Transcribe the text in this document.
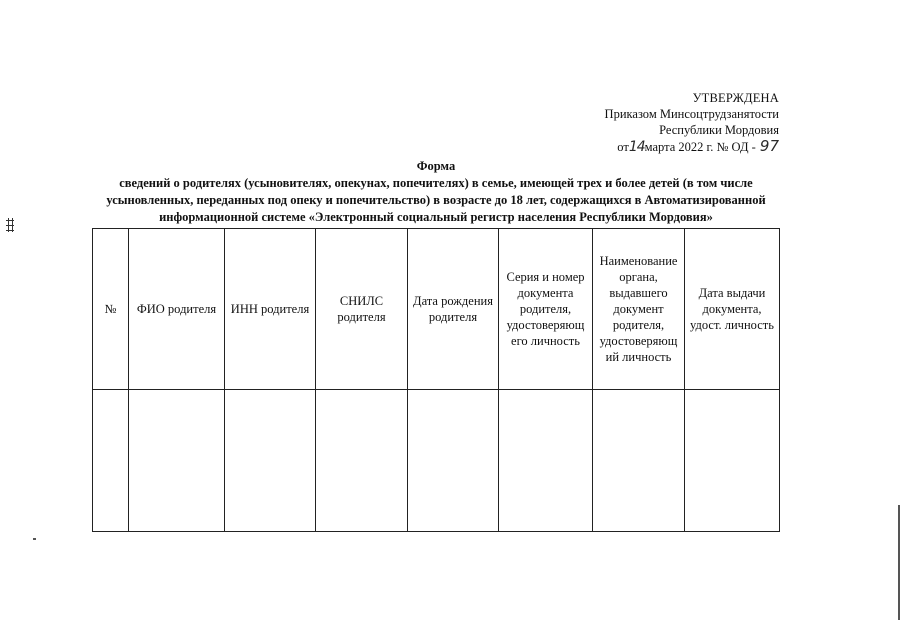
УТВЕРЖДЕНА
Приказом Минсоцтрудзанятости
Республики Мордовия
от14марта 2022 г. № ОД - 97
Форма
сведений о родителях (усыновителях, опекунах, попечителях) в семье, имеющей трех и более детей (в том числе
усыновленных, переданных под опеку и попечительство) в возрасте до 18 лет, содержащихся в Автоматизированной
информационной системе «Электронный социальный регистр населения Республики Мордовия»
№	ФИО родителя	ИНН родителя	СНИЛС родителя	Дата рождения родителя	Серия и номер документа родителя, удостоверяющ его личность	Наименование органа, выдавшего документ родителя, удостоверяющ ий личность	Дата выдачи документа, удост. личность
